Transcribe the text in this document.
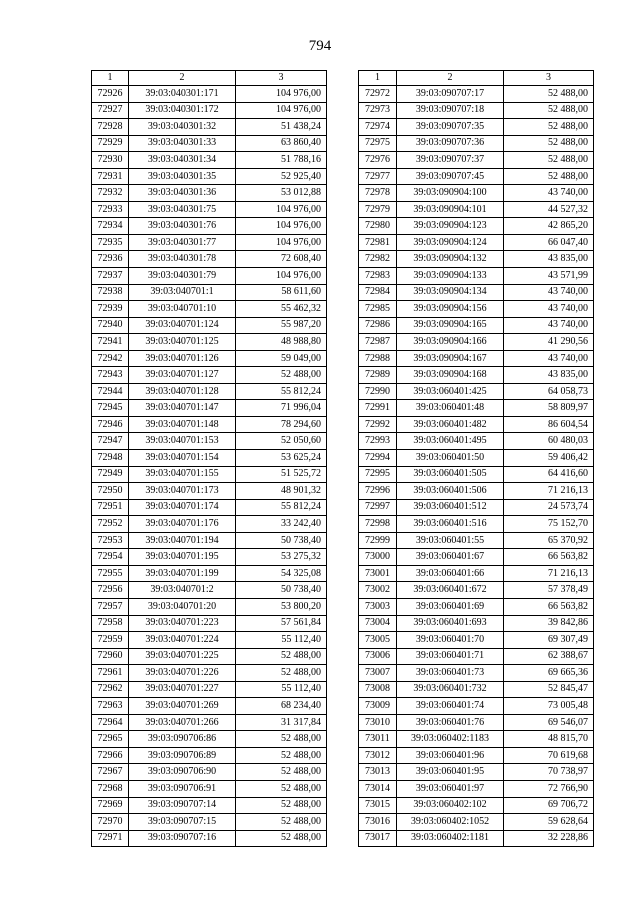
794
1	2	3
72926	39:03:040301:171	104 976,00
72927	39:03:040301:172	104 976,00
72928	39:03:040301:32	51 438,24
72929	39:03:040301:33	63 860,40
72930	39:03:040301:34	51 788,16
72931	39:03:040301:35	52 925,40
72932	39:03:040301:36	53 012,88
72933	39:03:040301:75	104 976,00
72934	39:03:040301:76	104 976,00
72935	39:03:040301:77	104 976,00
72936	39:03:040301:78	72 608,40
72937	39:03:040301:79	104 976,00
72938	39:03:040701:1	58 611,60
72939	39:03:040701:10	55 462,32
72940	39:03:040701:124	55 987,20
72941	39:03:040701:125	48 988,80
72942	39:03:040701:126	59 049,00
72943	39:03:040701:127	52 488,00
72944	39:03:040701:128	55 812,24
72945	39:03:040701:147	71 996,04
72946	39:03:040701:148	78 294,60
72947	39:03:040701:153	52 050,60
72948	39:03:040701:154	53 625,24
72949	39:03:040701:155	51 525,72
72950	39:03:040701:173	48 901,32
72951	39:03:040701:174	55 812,24
72952	39:03:040701:176	33 242,40
72953	39:03:040701:194	50 738,40
72954	39:03:040701:195	53 275,32
72955	39:03:040701:199	54 325,08
72956	39:03:040701:2	50 738,40
72957	39:03:040701:20	53 800,20
72958	39:03:040701:223	57 561,84
72959	39:03:040701:224	55 112,40
72960	39:03:040701:225	52 488,00
72961	39:03:040701:226	52 488,00
72962	39:03:040701:227	55 112,40
72963	39:03:040701:269	68 234,40
72964	39:03:040701:266	31 317,84
72965	39:03:090706:86	52 488,00
72966	39:03:090706:89	52 488,00
72967	39:03:090706:90	52 488,00
72968	39:03:090706:91	52 488,00
72969	39:03:090707:14	52 488,00
72970	39:03:090707:15	52 488,00
72971	39:03:090707:16	52 488,00
1	2	3
72972	39:03:090707:17	52 488,00
72973	39:03:090707:18	52 488,00
72974	39:03:090707:35	52 488,00
72975	39:03:090707:36	52 488,00
72976	39:03:090707:37	52 488,00
72977	39:03:090707:45	52 488,00
72978	39:03:090904:100	43 740,00
72979	39:03:090904:101	44 527,32
72980	39:03:090904:123	42 865,20
72981	39:03:090904:124	66 047,40
72982	39:03:090904:132	43 835,00
72983	39:03:090904:133	43 571,99
72984	39:03:090904:134	43 740,00
72985	39:03:090904:156	43 740,00
72986	39:03:090904:165	43 740,00
72987	39:03:090904:166	41 290,56
72988	39:03:090904:167	43 740,00
72989	39:03:090904:168	43 835,00
72990	39:03:060401:425	64 058,73
72991	39:03:060401:48	58 809,97
72992	39:03:060401:482	86 604,54
72993	39:03:060401:495	60 480,03
72994	39:03:060401:50	59 406,42
72995	39:03:060401:505	64 416,60
72996	39:03:060401:506	71 216,13
72997	39:03:060401:512	24 573,74
72998	39:03:060401:516	75 152,70
72999	39:03:060401:55	65 370,92
73000	39:03:060401:67	66 563,82
73001	39:03:060401:66	71 216,13
73002	39:03:060401:672	57 378,49
73003	39:03:060401:69	66 563,82
73004	39:03:060401:693	39 842,86
73005	39:03:060401:70	69 307,49
73006	39:03:060401:71	62 388,67
73007	39:03:060401:73	69 665,36
73008	39:03:060401:732	52 845,47
73009	39:03:060401:74	73 005,48
73010	39:03:060401:76	69 546,07
73011	39:03:060402:1183	48 815,70
73012	39:03:060401:96	70 619,68
73013	39:03:060401:95	70 738,97
73014	39:03:060401:97	72 766,90
73015	39:03:060402:102	69 706,72
73016	39:03:060402:1052	59 628,64
73017	39:03:060402:1181	32 228,86
